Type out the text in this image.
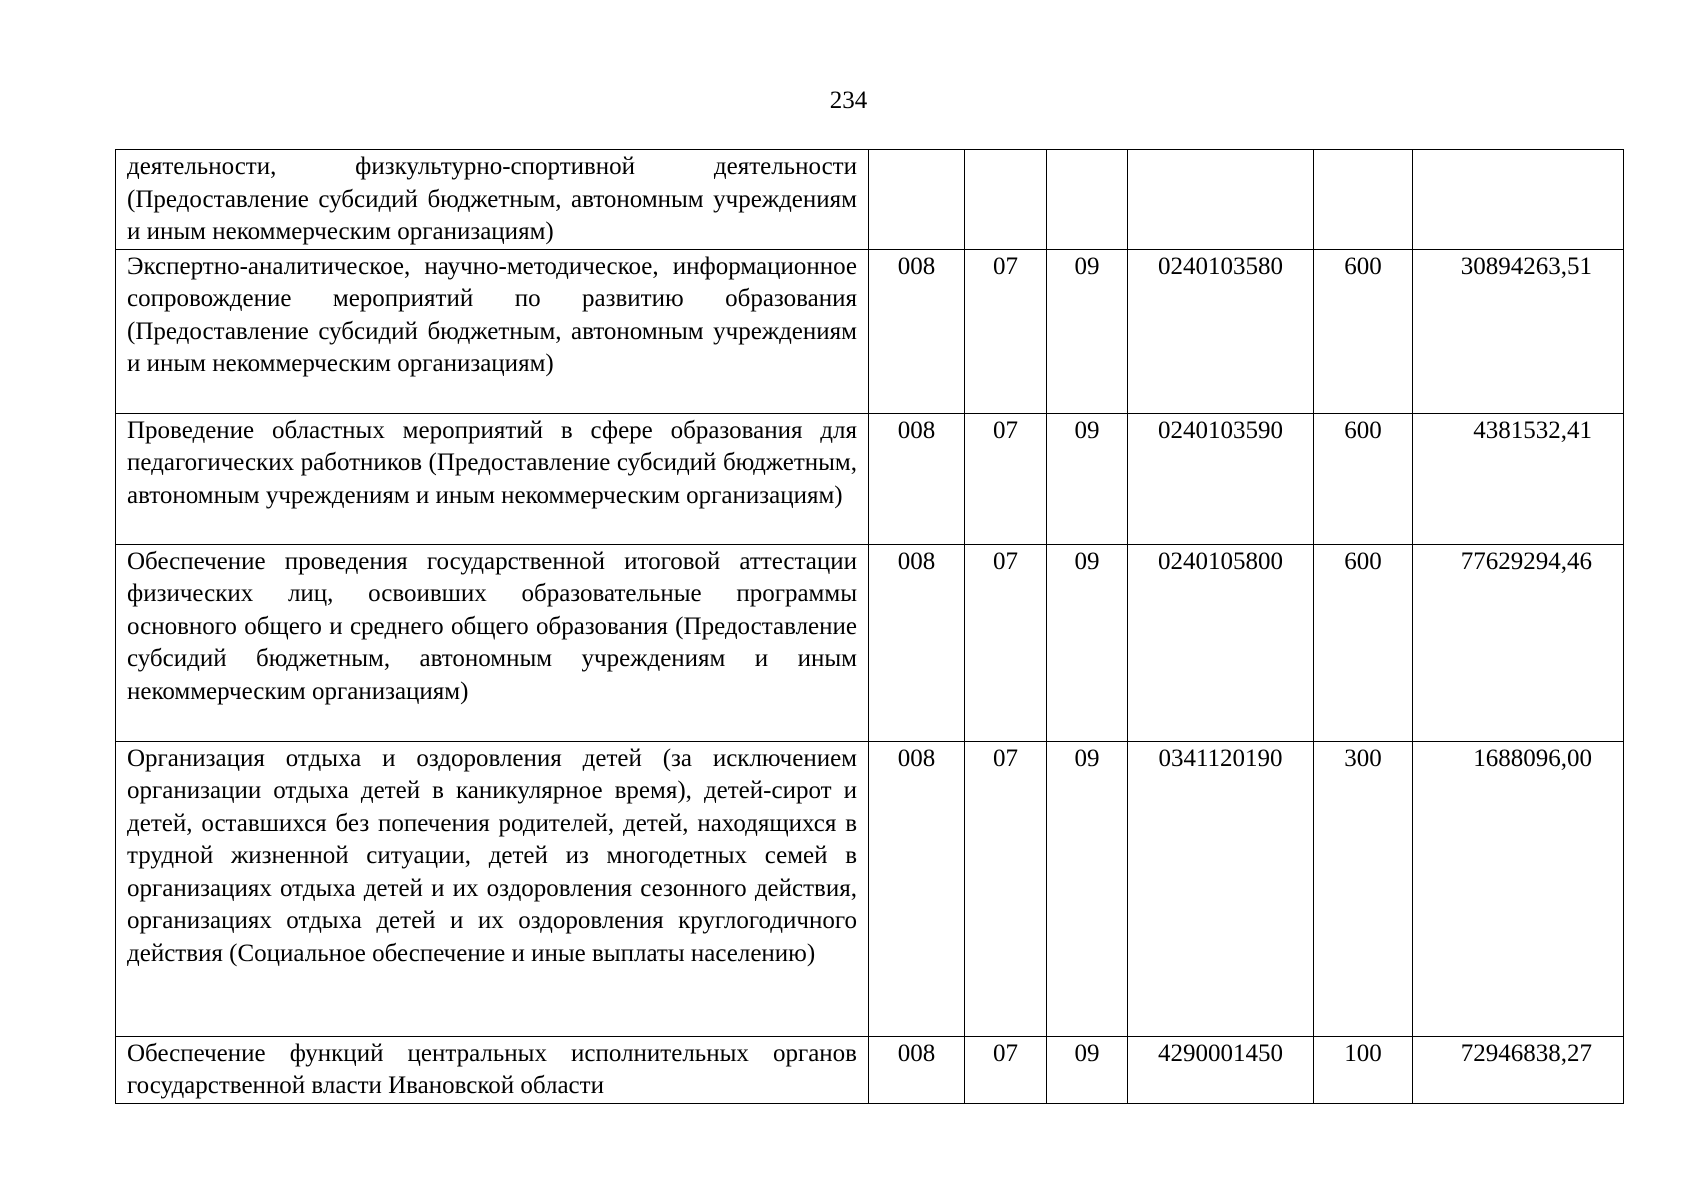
234
деятельности, физкультурно-спортивной деятельности (Предоставление субсидий бюджетным, автономным учреждениям и иным некоммерческим организациям)						
Экспертно-аналитическое, научно-методическое, информационное сопровождение мероприятий по развитию образования (Предоставление субсидий бюджетным, автономным учреждениям и иным некоммерческим организациям)	008	07	09	0240103580	600	30894263,51
Проведение областных мероприятий в сфере образования для педагогических работников (Предоставление субсидий бюджетным, автономным учреждениям и иным некоммерческим организациям)	008	07	09	0240103590	600	4381532,41
Обеспечение проведения государственной итоговой аттестации физических лиц, освоивших образовательные программы основного общего и среднего общего образования (Предоставление субсидий бюджетным, автономным учреждениям и иным некоммерческим организациям)	008	07	09	0240105800	600	77629294,46
Организация отдыха и оздоровления детей (за исключением организации отдыха детей в каникулярное время), детей-сирот и детей, оставшихся без попечения родителей, детей, находящихся в трудной жизненной ситуации, детей из многодетных семей в организациях отдыха детей и их оздоровления сезонного действия, организациях отдыха детей и их оздоровления круглогодичного действия (Социальное обеспечение и иные выплаты населению)	008	07	09	0341120190	300	1688096,00
Обеспечение функций центральных исполнительных органов государственной власти Ивановской области	008	07	09	4290001450	100	72946838,27
